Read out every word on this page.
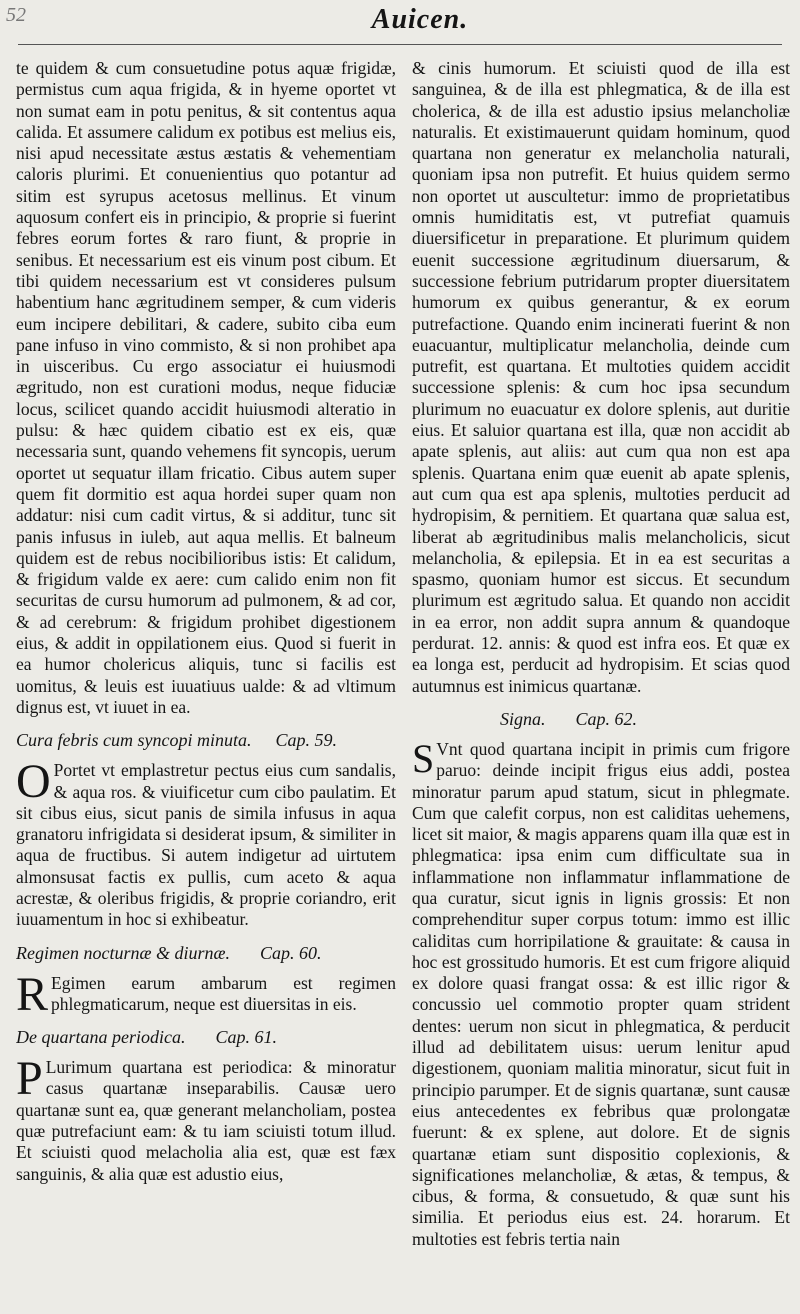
52	Auicen.

te quidem & cum consuetudine potus aquæ frigidæ, permistus cum aqua frigida, & in hyeme oportet vt non sumat eam in potu penitus, & sit contentus aqua calida. Et assumere calidum ex potibus est melius eis, nisi apud necessitate æstus æstatis & vehementiam caloris plurimi. Et conuenientius quo potantur ad sitim est syrupus acetosus mellinus. Et vinum aquosum confert eis in principio, & proprie si fuerint febres eorum fortes & raro fiunt, & proprie in senibus. Et necessarium est eis vinum post cibum. Et tibi quidem necessarium est vt consideres pulsum habentium hanc ægritudinem semper, & cum videris eum incipere debilitari, & cadere, subito ciba eum pane infuso in vino commisto, & si non prohibet apa in uisceribus. Cu ergo associatur ei huiusmodi ægritudo, non est curationi modus, neque fiduciæ locus, scilicet quando accidit huiusmodi alteratio in pulsu: & hæc quidem cibatio est ex eis, quæ necessaria sunt, quando vehemens fit syncopis, uerum oportet ut sequatur illam fricatio. Cibus autem super quem fit dormitio est aqua hordei super quam non addatur: nisi cum cadit virtus, & si additur, tunc sit panis infusus in iuleb, aut aqua mellis. Et balneum quidem est de rebus nocibilioribus istis: Et calidum, & frigidum valde ex aere: cum calido enim non fit securitas de cursu humorum ad pulmonem, & ad cor, & ad cerebrum: & frigidum prohibet digestionem eius, & addit in oppilationem eius. Quod si fuerit in ea humor cholericus aliquis, tunc si facilis est uomitus, & leuis est iuuatiuus ualde: & ad vltimum dignus est, vt iuuet in ea.

Cura febris cum syncopi minuta. Cap. 59.

O Portet vt emplastretur pectus eius cum sandalis, & aqua ros. & viuificetur cum cibo paulatim. Et sit cibus eius, sicut panis de simila infusus in aqua granatoru infrigidata si desiderat ipsum, & similiter in aqua de fructibus. Si autem indigetur ad uirtutem almonsusat factis ex pullis, cum aceto & aqua acrestæ, & oleribus frigidis, & proprie coriandro, erit iuuamentum in hoc si exhibeatur.

Regimen nocturnæ & diurnæ. Cap. 60.

R Egimen earum ambarum est regimen phlegmaticarum, neque est diuersitas in eis.

De quartana periodica. Cap. 61.

P Lurimum quartana est periodica: & minoratur casus quartanæ inseparabilis. Causæ uero quartanæ sunt ea, quæ generant melancholiam, postea quæ putrefaciunt eam: & tu iam sciuisti totum illud. Et sciuisti quod melacholia alia est, quæ est fæx sanguinis, & alia quæ est adustio eius,

& cinis humorum. Et sciuisti quod de illa est sanguinea, & de illa est phlegmatica, & de illa est cholerica, & de illa est adustio ipsius melancholiæ naturalis. Et existimauerunt quidam hominum, quod quartana non generatur ex melancholia naturali, quoniam ipsa non putrefit. Et huius quidem sermo non oportet ut auscultetur: immo de proprietatibus omnis humiditatis est, vt putrefiat quamuis diuersificetur in preparatione. Et plurimum quidem euenit successione ægritudinum diuersarum, & successione febrium putridarum propter diuersitatem humorum ex quibus generantur, & ex eorum putrefactione. Quando enim incinerati fuerint & non euacuantur, multiplicatur melancholia, deinde cum putrefit, est quartana. Et multoties quidem accidit successione splenis: & cum hoc ipsa secundum plurimum no euacuatur ex dolore splenis, aut duritie eius. Et saluior quartana est illa, quæ non accidit ab apate splenis, aut aliis: aut cum qua non est apa splenis. Quartana enim quæ euenit ab apate splenis, aut cum qua est apa splenis, multoties perducit ad hydropisim, & pernitiem. Et quartana quæ salua est, liberat ab ægritudinibus malis melancholicis, sicut melancholia, & epilepsia. Et in ea est securitas a spasmo, quoniam humor est siccus. Et secundum plurimum est ægritudo salua. Et quando non accidit in ea error, non addit supra annum & quandoque perdurat. 12. annis: & quod est infra eos. Et quæ ex ea longa est, perducit ad hydropisim. Et scias quod autumnus est inimicus quartanæ.

Signa. Cap. 62.

S Vnt quod quartana incipit in primis cum frigore paruo: deinde incipit frigus eius addi, postea minoratur parum apud statum, sicut in phlegmate. Cum que calefit corpus, non est caliditas uehemens, licet sit maior, & magis apparens quam illa quæ est in phlegmatica: ipsa enim cum difficultate sua in inflammatione non inflammatur inflammatione de qua curatur, sicut ignis in lignis grossis: Et non comprehenditur super corpus totum: immo est illic caliditas cum horripilatione & grauitate: & causa in hoc est grossitudo humoris. Et est cum frigore aliquid ex dolore quasi frangat ossa: & est illic rigor & concussio uel commotio propter quam strident dentes: uerum non sicut in phlegmatica, & perducit illud ad debilitatem uisus: uerum lenitur apud digestionem, quoniam malitia minoratur, sicut fuit in principio parumper. Et de signis quartanæ, sunt causæ eius antecedentes ex febribus quæ prolongatæ fuerunt: & ex splene, aut dolore. Et de signis quartanæ etiam sunt dispositio coplexionis, & significationes melancholiæ, & ætas, & tempus, & cibus, & forma, & consuetudo, & quæ sunt his similia. Et periodus eius est. 24. horarum. Et multoties est febris tertia nain
